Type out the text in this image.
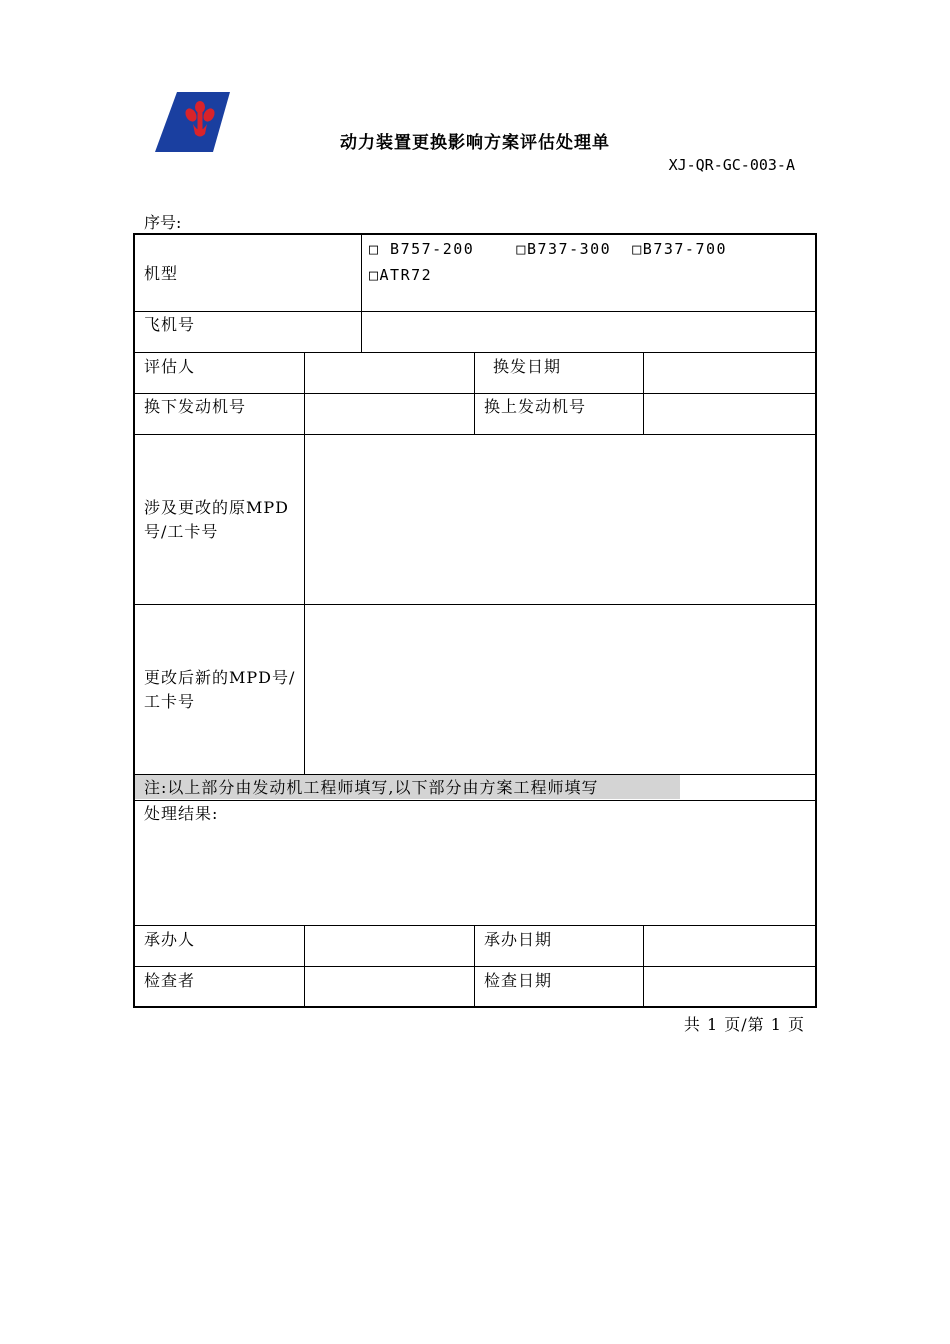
动力装置更换影响方案评估处理单
XJ-QR-GC-003-A
序号:
机型
□ B757-200    □B737-300  □B737-700
□ATR72
飞机号
评估人	换发日期
换下发动机号	换上发动机号
涉及更改的原MPD号/工卡号
更改后新的MPD号/工卡号
注:以上部分由发动机工程师填写,以下部分由方案工程师填写
处理结果:
承办人	承办日期
检查者	检查日期
共 1 页/第 1 页
